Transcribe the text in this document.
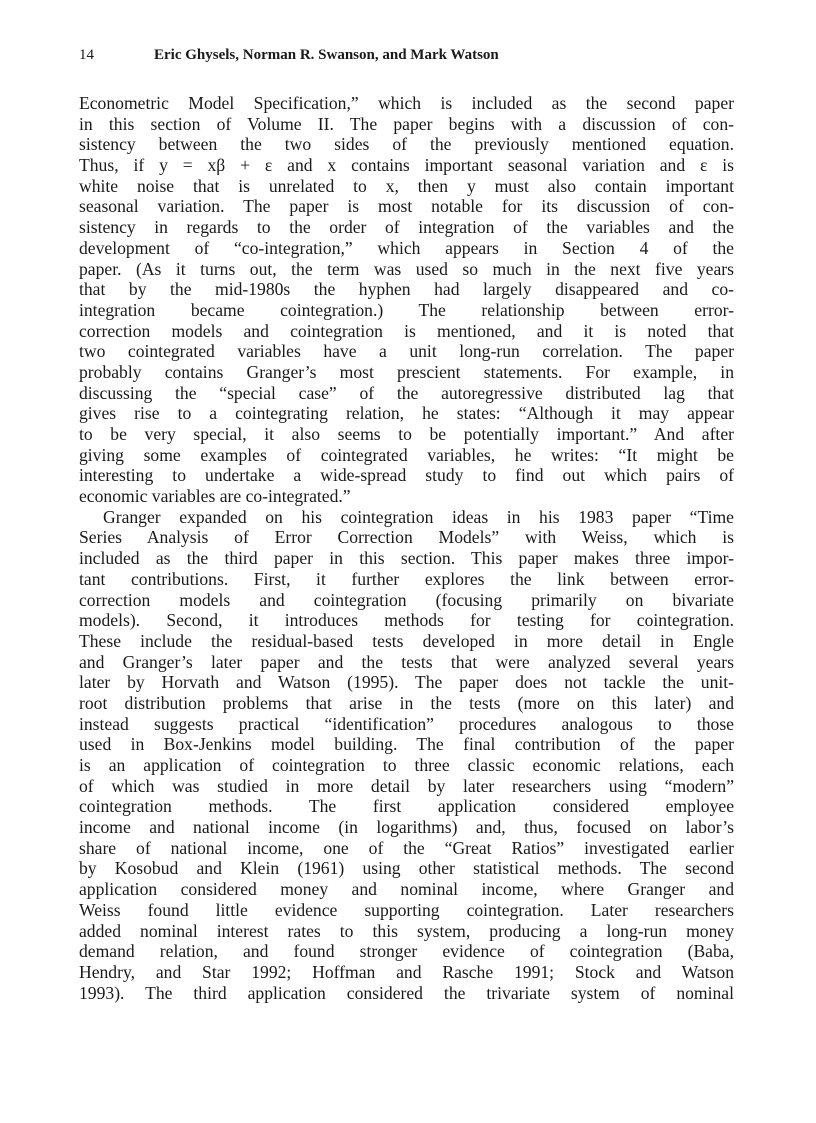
14	Eric Ghysels, Norman R. Swanson, and Mark Watson
Econometric Model Specification,” which is included as the second paper
in this section of Volume II. The paper begins with a discussion of con-
sistency between the two sides of the previously mentioned equation.
Thus, if y = xβ + ε and x contains important seasonal variation and ε is
white noise that is unrelated to x, then y must also contain important
seasonal variation. The paper is most notable for its discussion of con-
sistency in regards to the order of integration of the variables and the
development of “co-integration,” which appears in Section 4 of the
paper. (As it turns out, the term was used so much in the next five years
that by the mid-1980s the hyphen had largely disappeared and co-
integration became cointegration.) The relationship between error-
correction models and cointegration is mentioned, and it is noted that
two cointegrated variables have a unit long-run correlation. The paper
probably contains Granger’s most prescient statements. For example, in
discussing the “special case” of the autoregressive distributed lag that
gives rise to a cointegrating relation, he states: “Although it may appear
to be very special, it also seems to be potentially important.” And after
giving some examples of cointegrated variables, he writes: “It might be
interesting to undertake a wide-spread study to find out which pairs of
economic variables are co-integrated.”
Granger expanded on his cointegration ideas in his 1983 paper “Time
Series Analysis of Error Correction Models” with Weiss, which is
included as the third paper in this section. This paper makes three impor-
tant contributions. First, it further explores the link between error-
correction models and cointegration (focusing primarily on bivariate
models). Second, it introduces methods for testing for cointegration.
These include the residual-based tests developed in more detail in Engle
and Granger’s later paper and the tests that were analyzed several years
later by Horvath and Watson (1995). The paper does not tackle the unit-
root distribution problems that arise in the tests (more on this later) and
instead suggests practical “identification” procedures analogous to those
used in Box-Jenkins model building. The final contribution of the paper
is an application of cointegration to three classic economic relations, each
of which was studied in more detail by later researchers using “modern”
cointegration methods. The first application considered employee
income and national income (in logarithms) and, thus, focused on labor’s
share of national income, one of the “Great Ratios” investigated earlier
by Kosobud and Klein (1961) using other statistical methods. The second
application considered money and nominal income, where Granger and
Weiss found little evidence supporting cointegration. Later researchers
added nominal interest rates to this system, producing a long-run money
demand relation, and found stronger evidence of cointegration (Baba,
Hendry, and Star 1992; Hoffman and Rasche 1991; Stock and Watson
1993). The third application considered the trivariate system of nominal
